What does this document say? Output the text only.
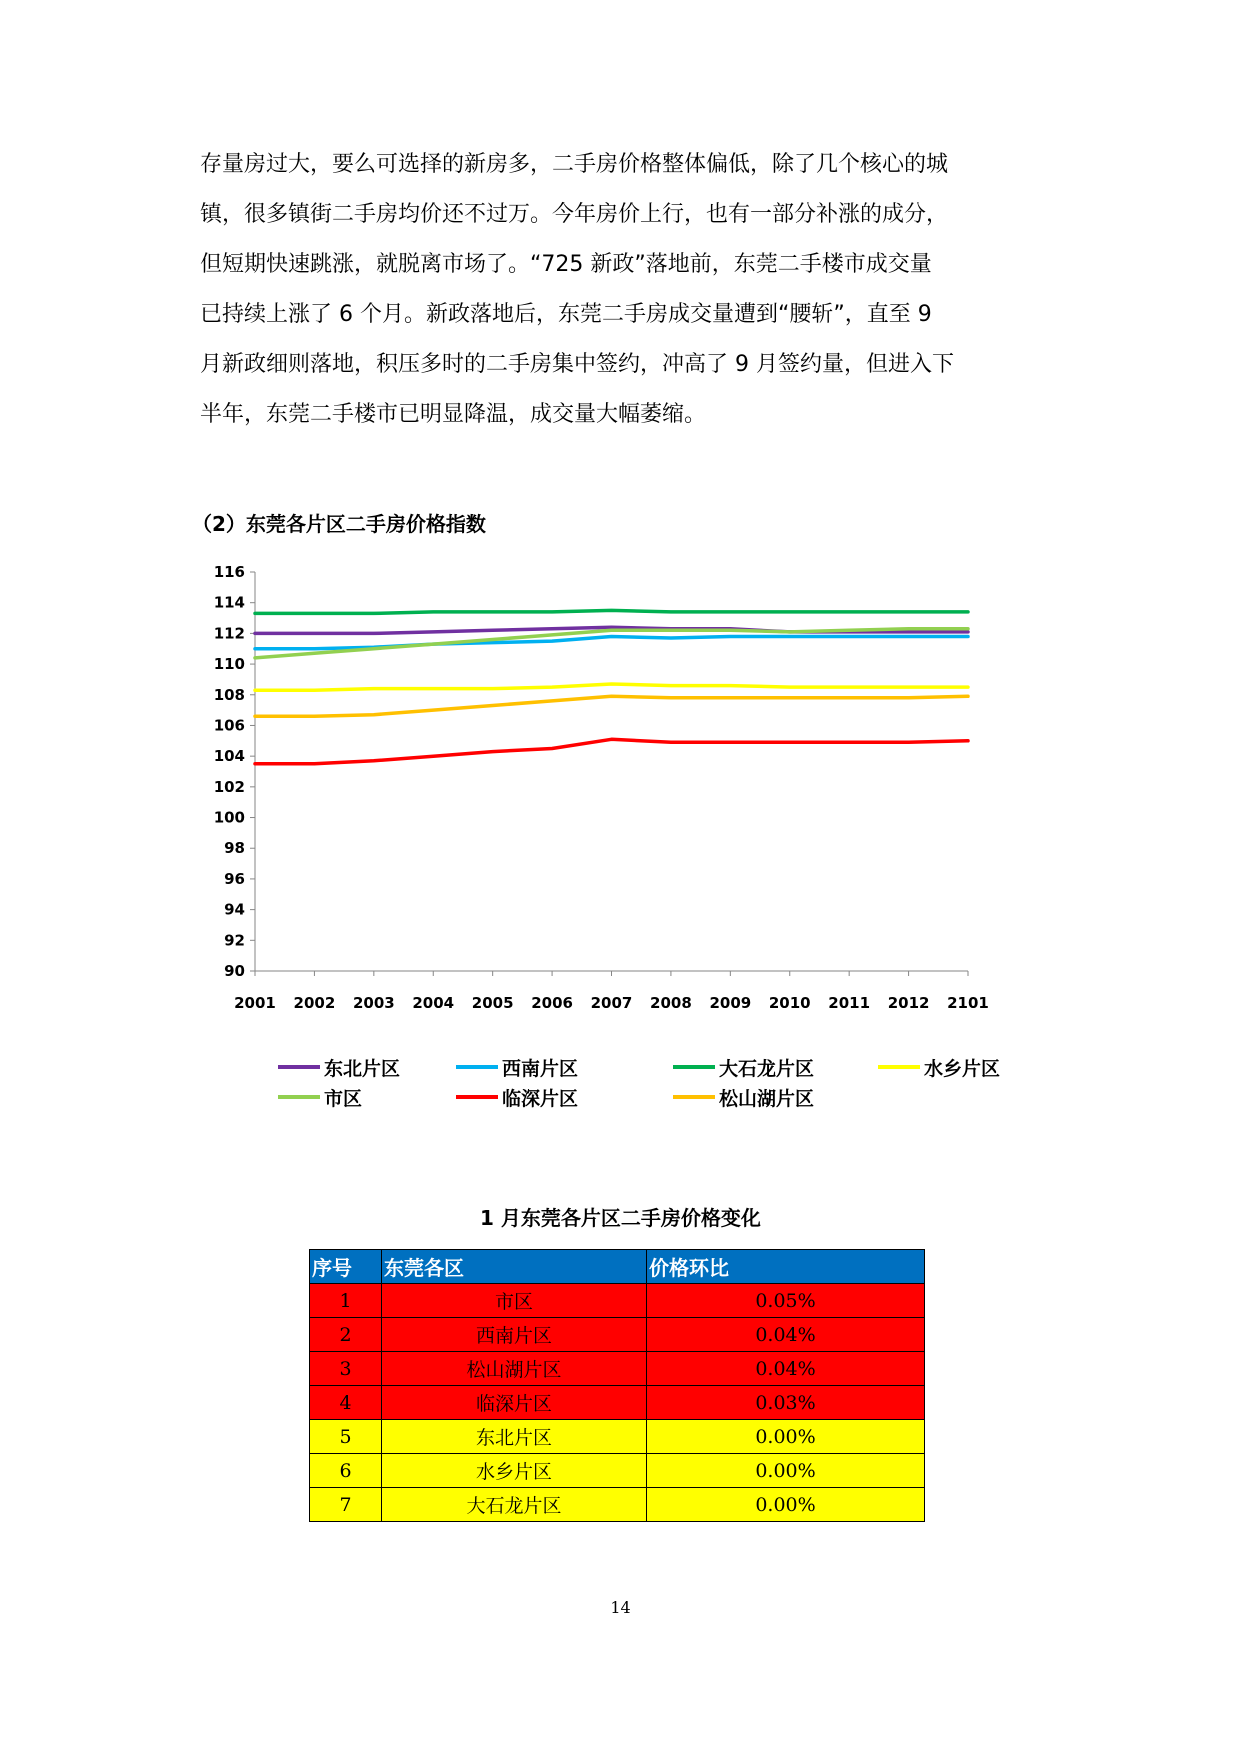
存量房过大，要么可选择的新房多，二手房价格整体偏低，除了几个核心的城
镇，很多镇街二手房均价还不过万。今年房价上行，也有一部分补涨的成分，
但短期快速跳涨，就脱离市场了。“725 新政”落地前，东莞二手楼市成交量
已持续上涨了 6 个月。新政落地后，东莞二手房成交量遭到“腰斩”，直至 9
月新政细则落地，积压多时的二手房集中签约，冲高了 9 月签约量，但进入下
半年，东莞二手楼市已明显降温，成交量大幅萎缩。
（2）东莞各片区二手房价格指数
90
92
94
96
98
100
102
104
106
108
110
112
114
116
2001 2002 2003 2004 2005 2006 2007 2008 2009 2010 2011 2012 2101
东北片区	西南片区	大石龙片区	水乡片区
市区	临深片区	松山湖片区
1 月东莞各片区二手房价格变化
序号	东莞各区	价格环比
1	市区	0.05%
2	西南片区	0.04%
3	松山湖片区	0.04%
4	临深片区	0.03%
5	东北片区	0.00%
6	水乡片区	0.00%
7	大石龙片区	0.00%
14
